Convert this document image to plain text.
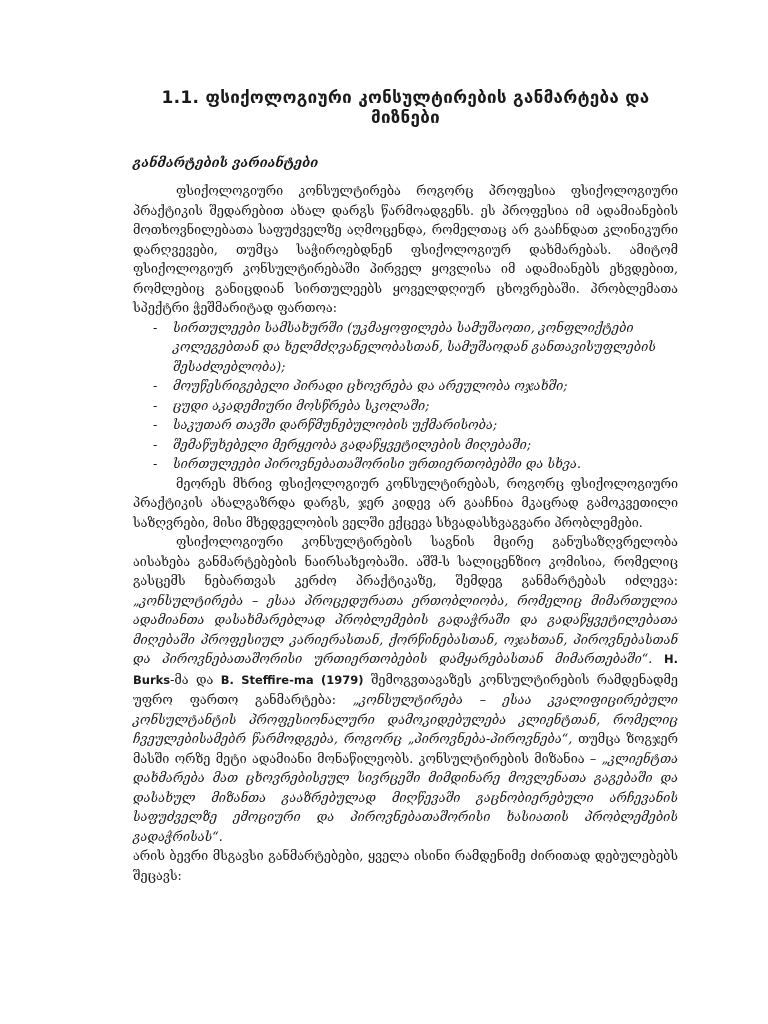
1.1. ფსიქოლოგიური კონსულტირების განმარტება და მიზნები
განმარტების ვარიანტები

ფსიქოლოგიური კონსულტირება როგორც პროფესია ფსიქოლოგიური პრაქტიკის შედარებით ახალ დარგს წარმოადგენს. ეს პროფესია იმ ადამიანების მოთხოვნილებათა საფუძველზე აღმოცენდა, რომელთაც არ გააჩნდათ კლინიკური დარღვევები, თუმცა საჭიროებდნენ ფსიქოლოგიურ დახმარებას. ამიტომ ფსიქოლოგიურ კონსულტირებაში პირველ ყოვლისა იმ ადამიანებს ეხვდებით, რომლებიც განიცდიან სირთულეებს ყოველდღიურ ცხოვრებაში. პრობლემათა სპექტრი ჭეშმარიტად ფართოა:

- სირთულეები სამსახურში (უკმაყოფილება სამუშაოთი, კონფლიქტები კოლეგებთან და ხელმძღვანელობასთან, სამუშაოდან განთავისუფლების შესაძლებლობა);
- მოუწესრიგებელი პირადი ცხოვრება და არეულობა ოჯახში;
- ცუდი აკადემიური მოსწრება სკოლაში;
- საკუთარ თავში დარწმუნებულობის უქმარისობა;
- შემაწუხებელი მერყეობა გადაწყვეტილების მიღებაში;
- სირთულეები პიროვნებათაშორისი ურთიერთობებში და სხვა.

მეორეს მხრივ ფსიქოლოგიურ კონსულტირებას, როგორც ფსიქოლოგიური პრაქტიკის ახალგაზრდა დარგს, ჯერ კიდევ არ გააჩნია მკაცრად გამოკვეთილი საზღვრები, მისი მხედველობის ველში ექცევა სხვადასხვაგვარი პრობლემები.

ფსიქოლოგიური კონსულტირების საგნის მცირე განუსაზღვრელობა აისახება განმარტებების ნაირსახეობაში. აშშ-ს სალიცენზიო კომისია, რომელიც გასცემს ნებართვას კერძო პრაქტიკაზე, შემდეგ განმარტებას იძლევა: „კონსულტირება – ესაა პროცედურათა ერთობლიობა, რომელიც მიმართულია ადამიანთა დასახმარებლად პრობლემების გადაჭრაში და გადაწყვეტილებათა მიღებაში პროფესიულ კარიერასთან, ქორწინებასთან, ოჯახთან, პიროვნებასთან და პიროვნებათაშორისი ურთიერთობების დამყარებასთან მიმართებაში“. H. Burks-მა და B. Steffire-ma (1979) შემოგვთავაზეს კონსულტირების რამდენადმე უფრო ფართო განმარტება: „კონსულტირება – ესაა კვალიფიცირებული კონსულტანტის პროფესიონალური დამოკიდებულება კლიენტთან, რომელიც ჩვეულებისამებრ წარმოდგება, როგორც „პიროვნება-პიროვნება“, თუმცა ზოგჯერ მასში ორზე მეტი ადამიანი მონაწილეობს. კონსულტირების მიზანია – „კლიენტთა დახმარება მათ ცხოვრებისეულ სივრცეში მიმდინარე მოვლენათა გაგებაში და დასახულ მიზანთა გააზრებულად მიღწევაში გაცნობიერებული არჩევანის საფუძველზე ემოციური და პიროვნებათაშორისი ხასიათის პრობლემების გადაჭრისას“.

არის ბევრი მსგავსი განმარტებები, ყველა ისინი რამდენიმე ძირითად დებულებებს შეცავს:
